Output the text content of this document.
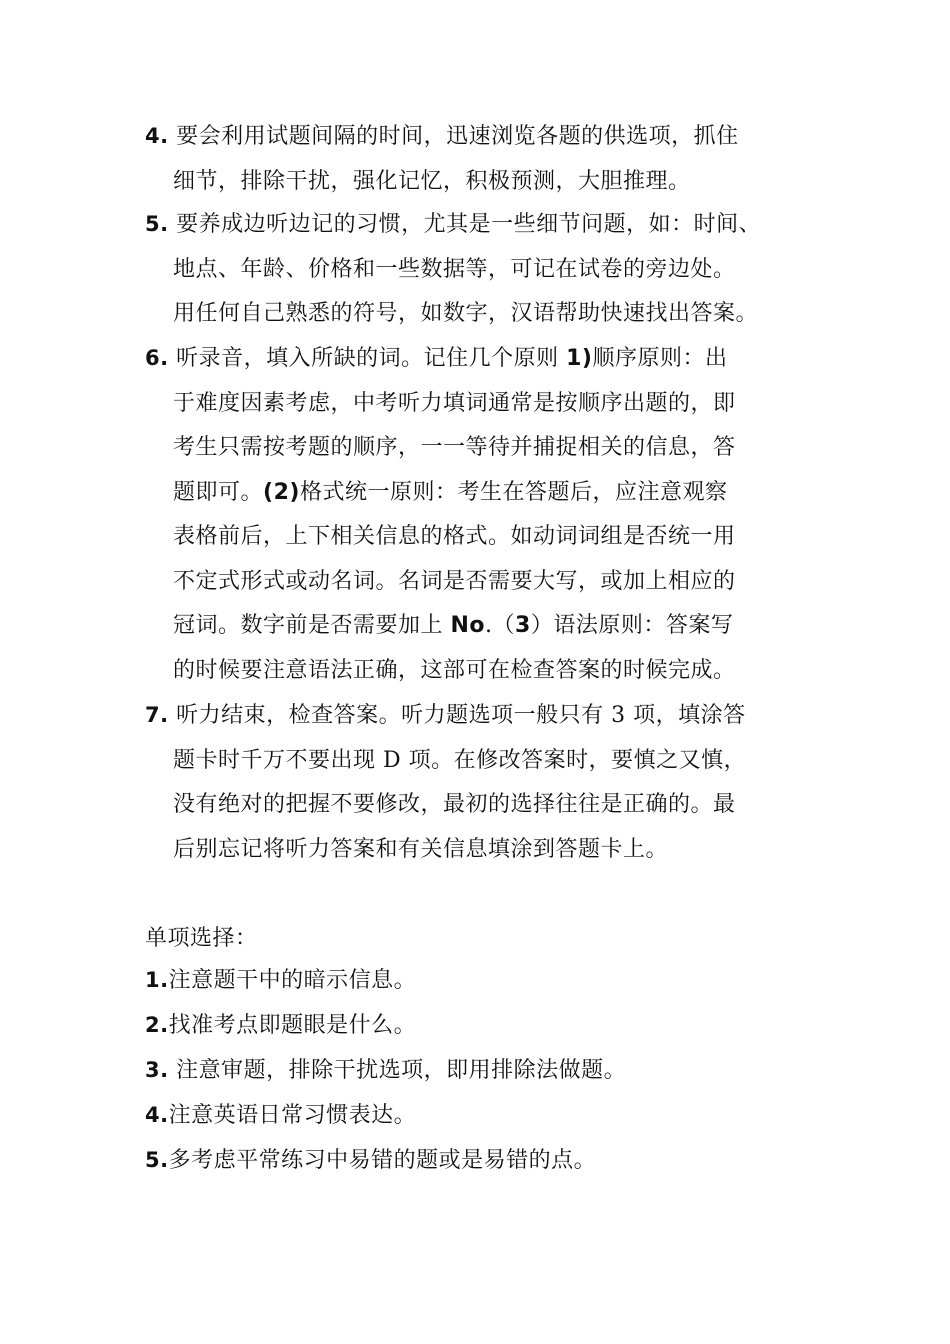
4. 要会利用试题间隔的时间，迅速浏览各题的供选项，抓住
细节，排除干扰，强化记忆，积极预测，大胆推理。
5. 要养成边听边记的习惯，尤其是一些细节问题，如：时间、
地点、年龄、价格和一些数据等，可记在试卷的旁边处。
用任何自己熟悉的符号，如数字，汉语帮助快速找出答案。
6. 听录音，填入所缺的词。记住几个原则 1)顺序原则：出
于难度因素考虑，中考听力填词通常是按顺序出题的，即
考生只需按考题的顺序，一一等待并捕捉相关的信息，答
题即可。(2)格式统一原则：考生在答题后，应注意观察
表格前后，上下相关信息的格式。如动词词组是否统一用
不定式形式或动名词。名词是否需要大写，或加上相应的
冠词。数字前是否需要加上 No.（3）语法原则：答案写
的时候要注意语法正确，这部可在检查答案的时候完成。
7. 听力结束，检查答案。听力题选项一般只有 3 项，填涂答
题卡时千万不要出现 D 项。在修改答案时，要慎之又慎，
没有绝对的把握不要修改，最初的选择往往是正确的。最
后别忘记将听力答案和有关信息填涂到答题卡上。
单项选择：
1.注意题干中的暗示信息。
2.找准考点即题眼是什么。
3. 注意审题，排除干扰选项，即用排除法做题。
4.注意英语日常习惯表达。
5.多考虑平常练习中易错的题或是易错的点。
